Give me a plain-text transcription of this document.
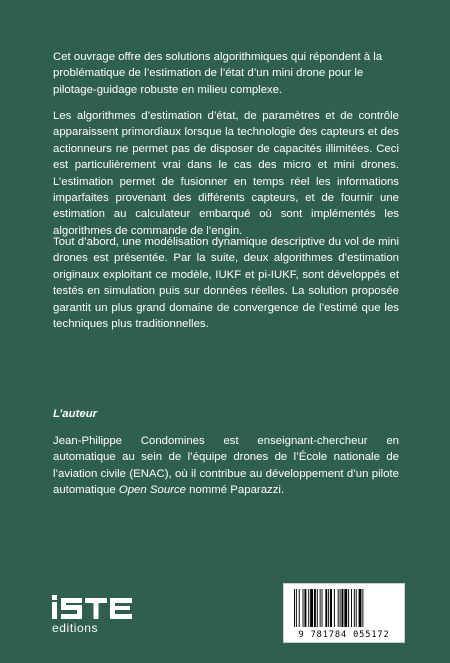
Cet ouvrage offre des solutions algorithmiques qui répondent à la problématique de l’estimation de l’état d’un mini drone pour le pilotage-guidage robuste en milieu complexe.

Les algorithmes d’estimation d’état, de paramètres et de contrôle apparaissent primordiaux lorsque la technologie des capteurs et des actionneurs ne permet pas de disposer de capacités illimitées. Ceci est particulièrement vrai dans le cas des micro et mini drones. L’estimation permet de fusionner en temps réel les informations imparfaites provenant des différents capteurs, et de fournir une estimation au calculateur embarqué où sont implémentés les algorithmes de commande de l’engin.

Tout d’abord, une modélisation dynamique descriptive du vol de mini drones est présentée. Par la suite, deux algorithmes d’estimation originaux exploitant ce modèle, IUKF et pi-IUKF, sont développés et testés en simulation puis sur données réelles. La solution proposée garantit un plus grand domaine de convergence de l’estimé que les techniques plus traditionnelles.

L’auteur

Jean-Philippe Condomines est enseignant-chercheur en automatique au sein de l’équipe drones de l’École nationale de l’aviation civile (ENAC), où il contribue au développement d’un pilote automatique Open Source nommé Paparazzi.

editions	9 781784 055172
